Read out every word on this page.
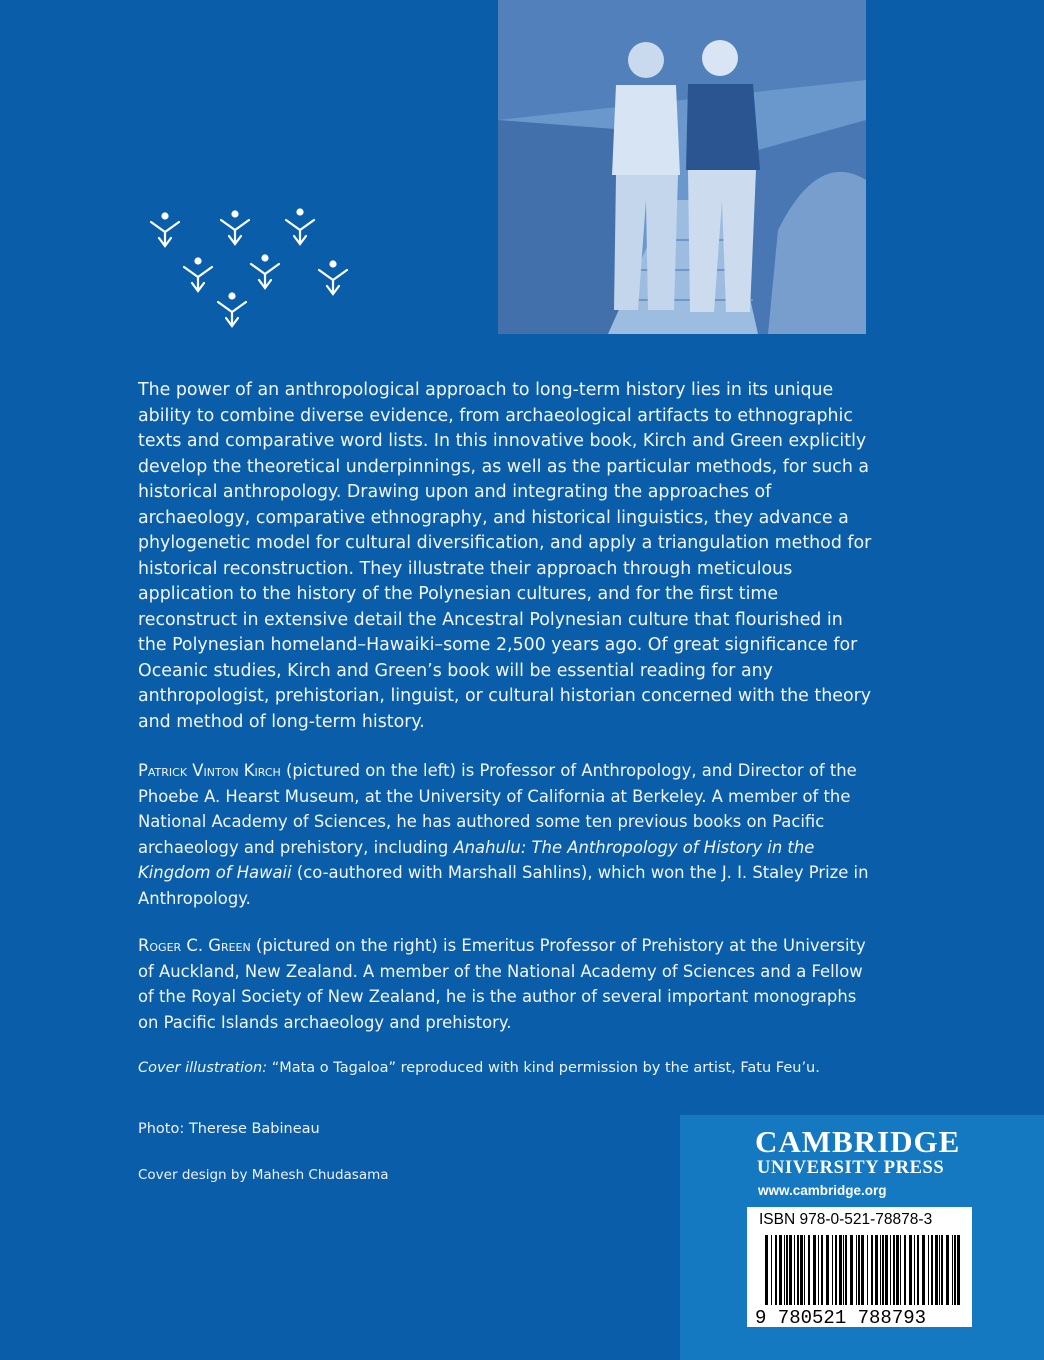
The power of an anthropological approach to long-term history lies in its unique ability to combine diverse evidence, from archaeological artifacts to ethnographic texts and comparative word lists. In this innovative book, Kirch and Green explicitly develop the theoretical underpinnings, as well as the particular methods, for such a historical anthropology. Drawing upon and integrating the approaches of archaeology, comparative ethnography, and historical linguistics, they advance a phylogenetic model for cultural diversification, and apply a triangulation method for historical reconstruction. They illustrate their approach through meticulous application to the history of the Polynesian cultures, and for the first time reconstruct in extensive detail the Ancestral Polynesian culture that flourished in the Polynesian homeland–Hawaiki–some 2,500 years ago. Of great significance for Oceanic studies, Kirch and Green’s book will be essential reading for any anthropologist, prehistorian, linguist, or cultural historian concerned with the theory and method of long-term history.

Patrick Vinton Kirch (pictured on the left) is Professor of Anthropology, and Director of the Phoebe A. Hearst Museum, at the University of California at Berkeley. A member of the National Academy of Sciences, he has authored some ten previous books on Pacific archaeology and prehistory, including Anahulu: The Anthropology of History in the Kingdom of Hawaii (co-authored with Marshall Sahlins), which won the J. I. Staley Prize in Anthropology.

Roger C. Green (pictured on the right) is Emeritus Professor of Prehistory at the University of Auckland, New Zealand. A member of the National Academy of Sciences and a Fellow of the Royal Society of New Zealand, he is the author of several important monographs on Pacific Islands archaeology and prehistory.

Cover illustration: “Mata o Tagaloa” reproduced with kind permission by the artist, Fatu Feu’u.

Photo: Therese Babineau

Cover design by Mahesh Chudasama

CAMBRIDGE

UNIVERSITY PRESS

www.cambridge.org

ISBN 978-0-521-78878-3

9 780521 788793
